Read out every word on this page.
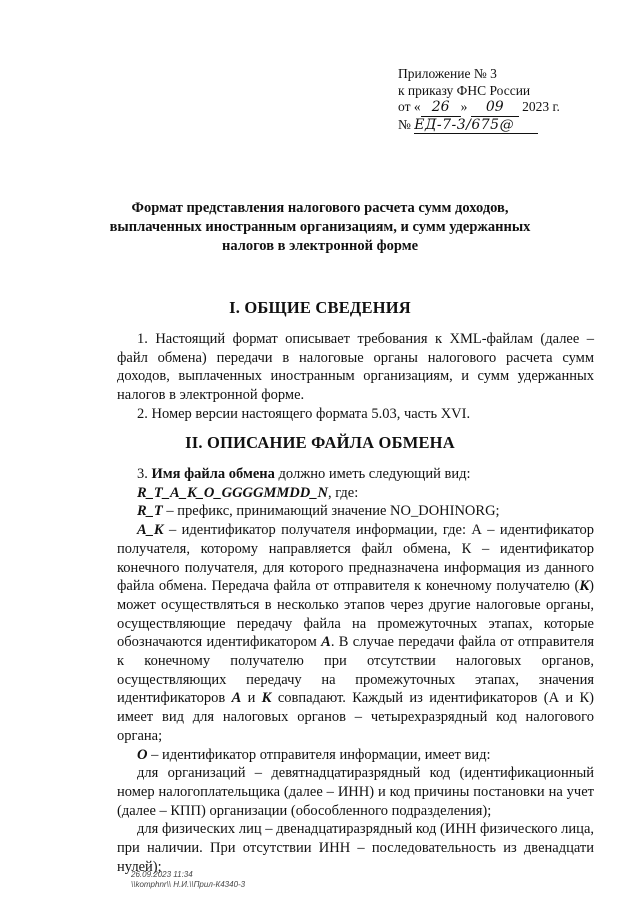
Приложение № 3
к приказу ФНС России
от « 26 » 09 2023 г.
№ ЕД-7-3/675@
Формат представления налогового расчета сумм доходов,
выплаченных иностранным организациям, и сумм удержанных
налогов в электронной форме
I. ОБЩИЕ СВЕДЕНИЯ

1. Настоящий формат описывает требования к XML-файлам (далее – файл обмена) передачи в налоговые органы налогового расчета сумм доходов, выплаченных иностранным организациям, и сумм удержанных налогов в электронной форме.

2. Номер версии настоящего формата 5.03, часть XVI.

II. ОПИСАНИЕ ФАЙЛА ОБМЕНА

3. Имя файла обмена должно иметь следующий вид:

R_T_A_K_O_GGGGMMDD_N, где:

R_T – префикс, принимающий значение NO_DOHINORG;

A_K – идентификатор получателя информации, где: А – идентификатор получателя, которому направляется файл обмена, К – идентификатор конечного получателя, для которого предназначена информация из данного файла обмена. Передача файла от отправителя к конечному получателю (К) может осуществляться в несколько этапов через другие налоговые органы, осуществляющие передачу файла на промежуточных этапах, которые обозначаются идентификатором А. В случае передачи файла от отправителя к конечному получателю при отсутствии налоговых органов, осуществляющих передачу на промежуточных этапах, значения идентификаторов А и К совпадают. Каждый из идентификаторов (А и К) имеет вид для налоговых органов – четырехразрядный код налогового органа;

О – идентификатор отправителя информации, имеет вид:

для организаций – девятнадцатиразрядный код (идентификационный номер налогоплательщика (далее – ИНН) и код причины постановки на учет (далее – КПП) организации (обособленного подразделения);

для физических лиц – двенадцатиразрядный код (ИНН физического лица, при наличии. При отсутствии ИНН – последовательность из двенадцати нулей);

26.09.2023 11:34
\\komphnr\\ Н.И.\\Прил-К4340-3
